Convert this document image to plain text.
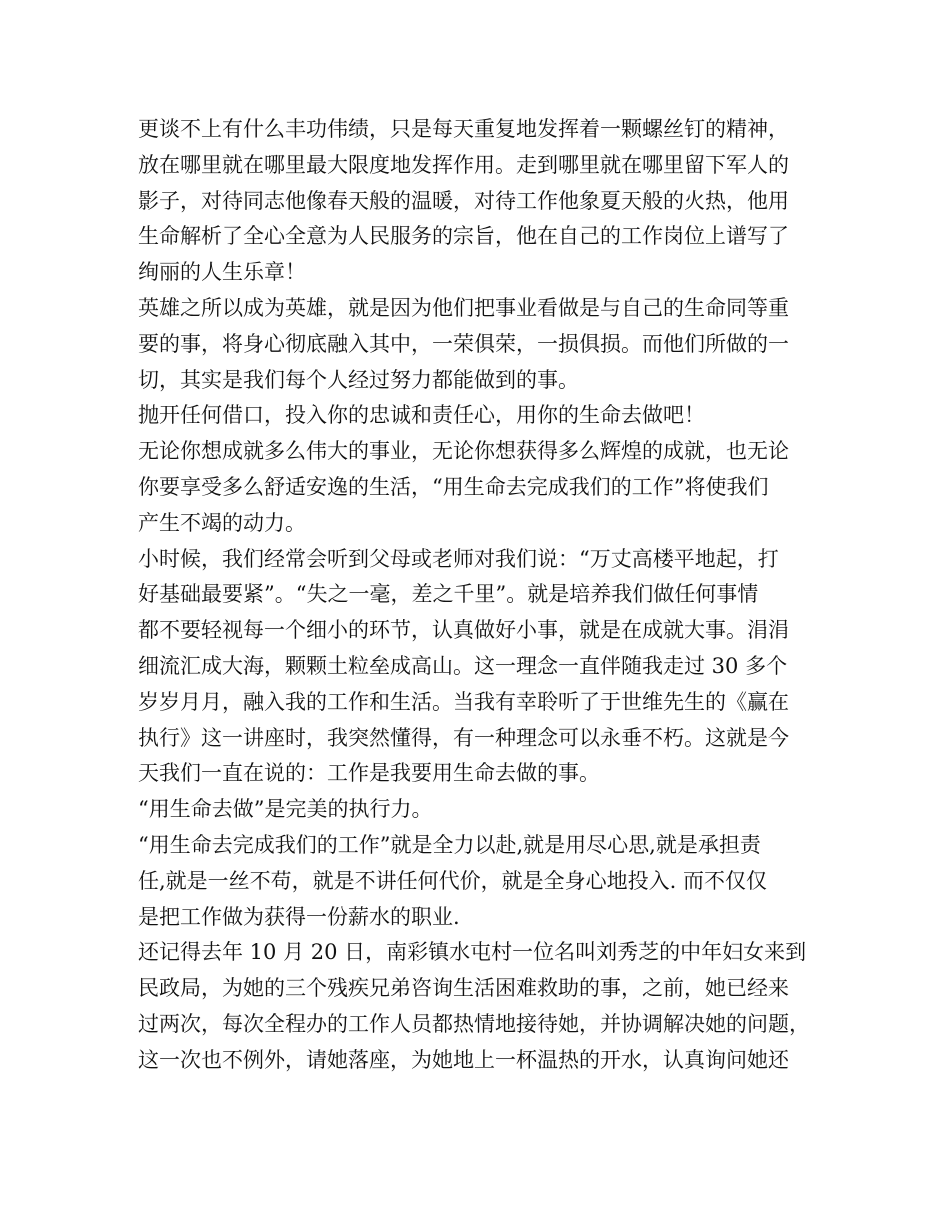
更谈不上有什么丰功伟绩，只是每天重复地发挥着一颗螺丝钉的精神，
放在哪里就在哪里最大限度地发挥作用。走到哪里就在哪里留下军人的
影子，对待同志他像春天般的温暖，对待工作他象夏天般的火热，他用
生命解析了全心全意为人民服务的宗旨，他在自己的工作岗位上谱写了
绚丽的人生乐章！
英雄之所以成为英雄，就是因为他们把事业看做是与自己的生命同等重
要的事，将身心彻底融入其中，一荣俱荣，一损俱损。而他们所做的一
切，其实是我们每个人经过努力都能做到的事。
抛开任何借口，投入你的忠诚和责任心，用你的生命去做吧！
无论你想成就多么伟大的事业，无论你想获得多么辉煌的成就，也无论
你要享受多么舒适安逸的生活，“用生命去完成我们的工作”将使我们
产生不竭的动力。
小时候，我们经常会听到父母或老师对我们说：“万丈高楼平地起，打
好基础最要紧”。“失之一毫，差之千里”。就是培养我们做任何事情
都不要轻视每一个细小的环节，认真做好小事，就是在成就大事。涓涓
细流汇成大海，颗颗土粒垒成高山。这一理念一直伴随我走过 30 多个
岁岁月月，融入我的工作和生活。当我有幸聆听了于世维先生的《赢在
执行》这一讲座时，我突然懂得，有一种理念可以永垂不朽。这就是今
天我们一直在说的：工作是我要用生命去做的事。
“用生命去做”是完美的执行力。
“用生命去完成我们的工作”就是全力以赴,就是用尽心思,就是承担责
任,就是一丝不苟，就是不讲任何代价，就是全身心地投入. 而不仅仅
是把工作做为获得一份薪水的职业.
还记得去年 10 月 20 日，南彩镇水屯村一位名叫刘秀芝的中年妇女来到
民政局，为她的三个残疾兄弟咨询生活困难救助的事，之前，她已经来
过两次，每次全程办的工作人员都热情地接待她，并协调解决她的问题，
这一次也不例外，请她落座，为她地上一杯温热的开水，认真询问她还
